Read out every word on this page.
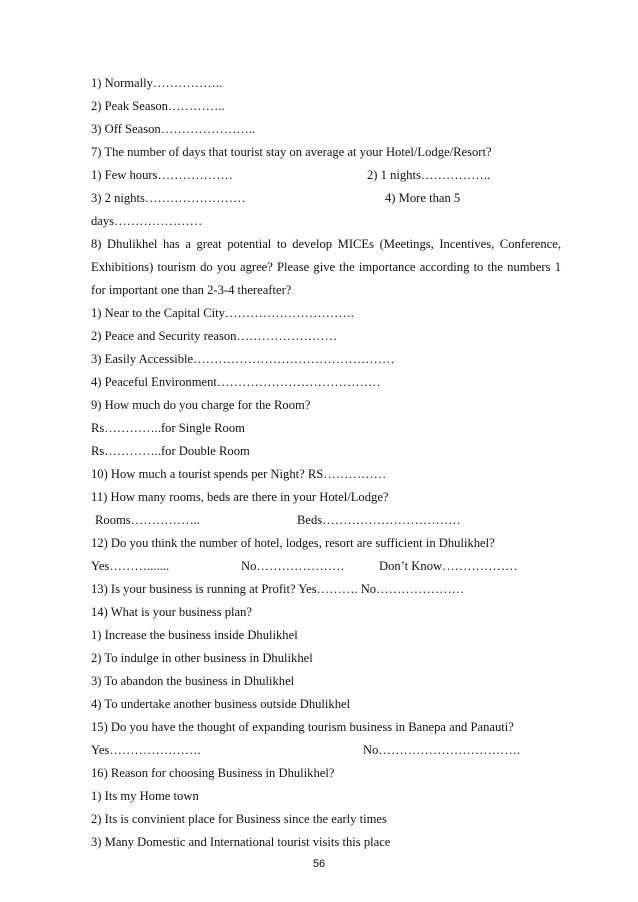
1) Normally……………..
2) Peak Season…………..
3) Off Season…………………..
7) The number of days that tourist stay on average at your Hotel/Lodge/Resort?
1) Few hours………………	2) 1 nights……………..
3) 2 nights……………………	4) More than 5
days…………………
8) Dhulikhel has a great potential to develop MICEs (Meetings, Incentives, Conference,
Exhibitions) tourism do you agree? Please give the importance according to the numbers 1
for important one than 2-3-4 thereafter?
1) Near to the Capital City………………………….
2) Peace and Security reason……………………
3) Easily Accessible…………………………………………
4) Peaceful Environment…………………………………
9) How much do you charge for the Room?
Rs…………..for Single Room
Rs…………..for Double Room
10) How much a tourist spends per Night? RS……………
11) How many rooms, beds are there in your Hotel/Lodge?
Rooms……………..	Beds……………………………
12) Do you think the number of hotel, lodges, resort are sufficient in Dhulikhel?
Yes……….......	No…………………	Don’t Know………………
13) Is your business is running at Profit? Yes………. No…………………
14) What is your business plan?
1) Increase the business inside Dhulikhel
2) To indulge in other business in Dhulikhel
3) To abandon the business in Dhulikhel
4) To undertake another business outside Dhulikhel
15) Do you have the thought of expanding tourism business in Banepa and Panauti?
Yes………………….	No…………………………….
16) Reason for choosing Business in Dhulikhel?
1) Its my Home town
2) Its is convinient place for Business since the early times
3) Many Domestic and International tourist visits this place
56
